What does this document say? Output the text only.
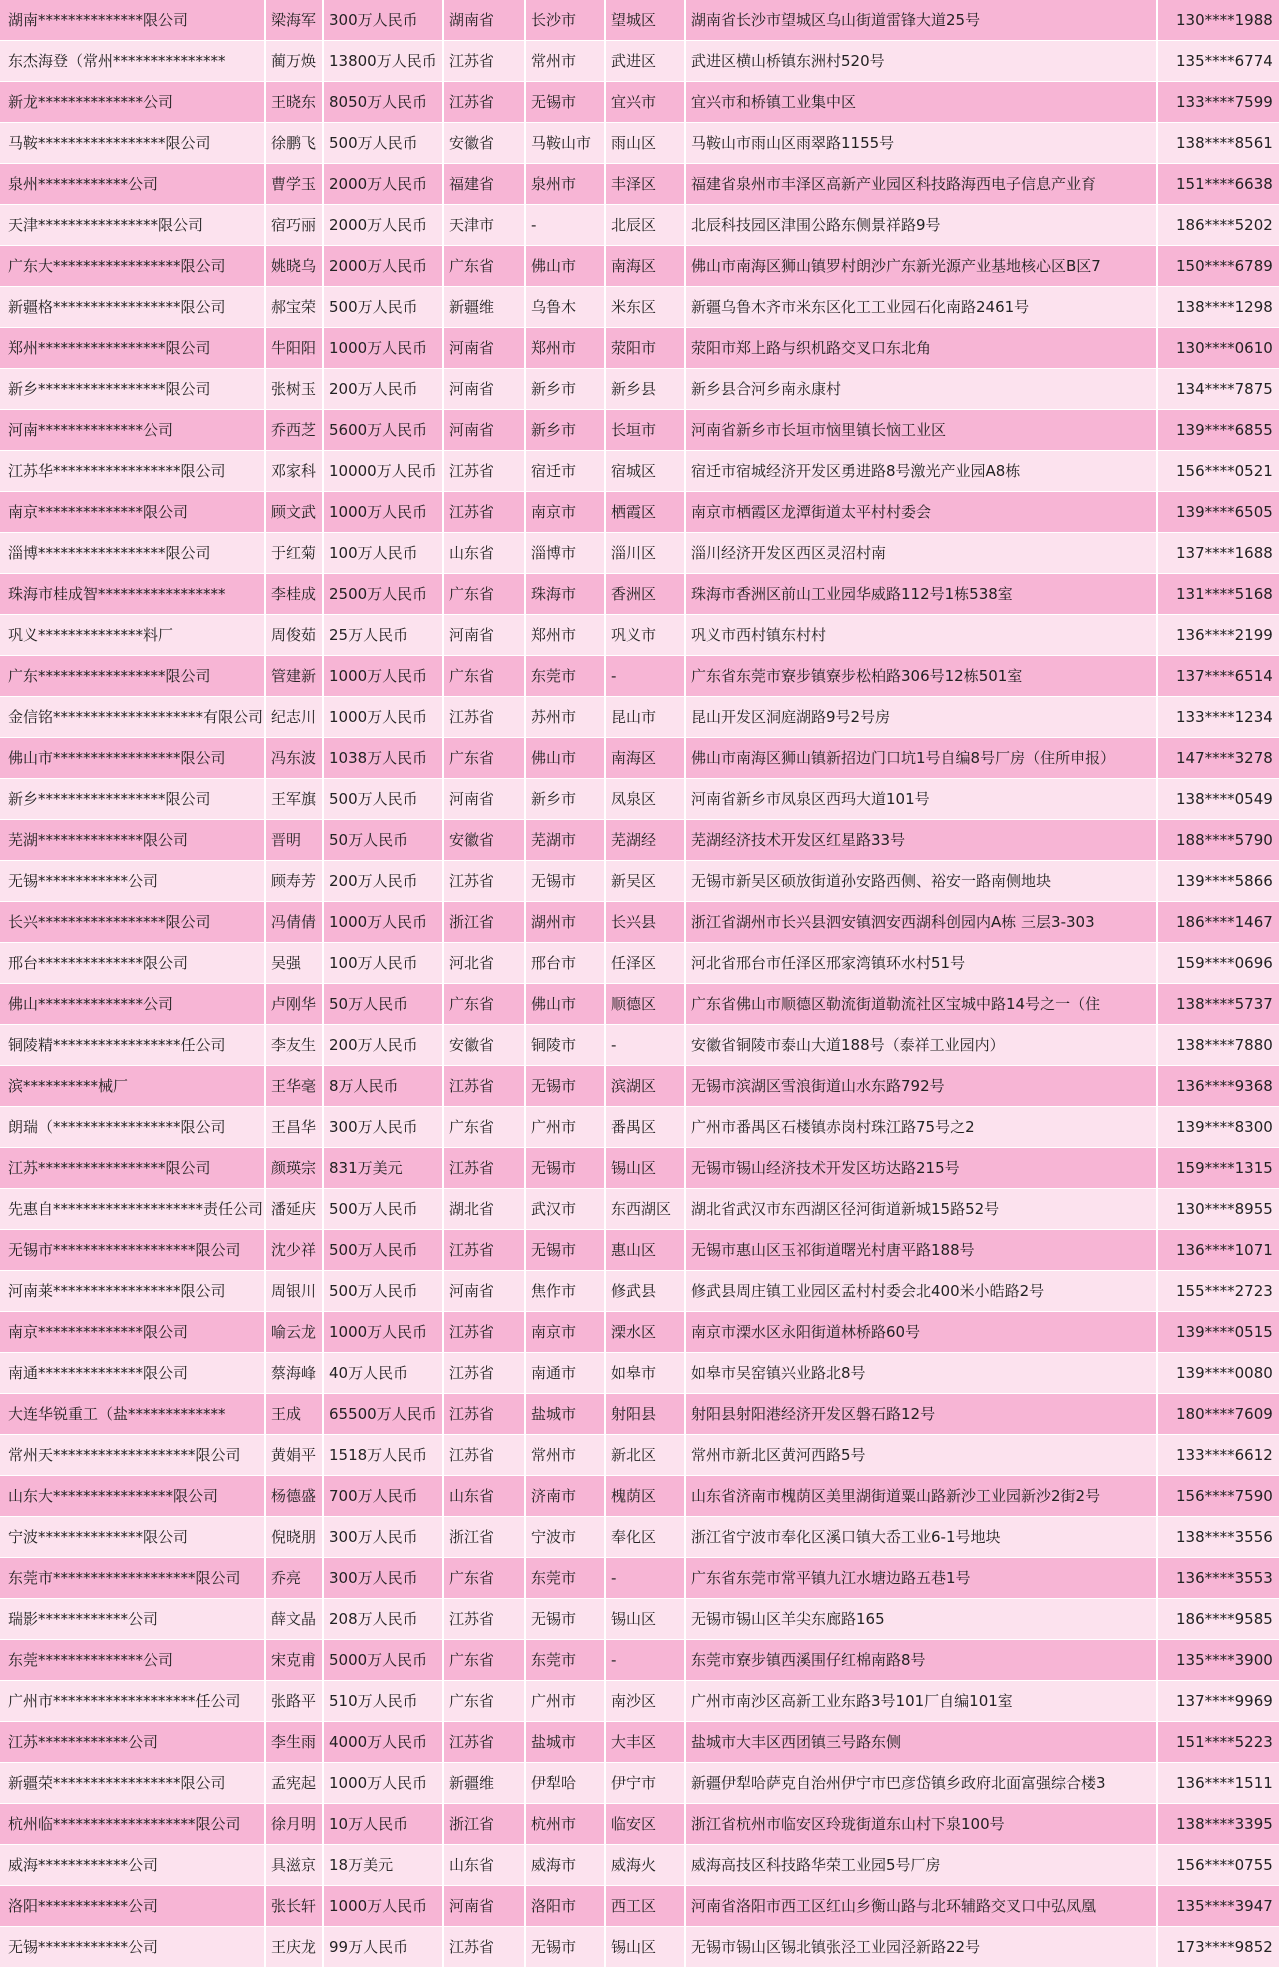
湖南**************限公司	梁海军	300万人民币	湖南省	长沙市	望城区	湖南省长沙市望城区乌山街道雷锋大道25号	130****1988
东杰海登（常州***************	蔺万焕	13800万人民币	江苏省	常州市	武进区	武进区横山桥镇东洲村520号	135****6774
新龙**************公司	王晓东	8050万人民币	江苏省	无锡市	宜兴市	宜兴市和桥镇工业集中区	133****7599
马鞍*****************限公司	徐鹏飞	500万人民币	安徽省	马鞍山市	雨山区	马鞍山市雨山区雨翠路1155号	138****8561
泉州************公司	曹学玉	2000万人民币	福建省	泉州市	丰泽区	福建省泉州市丰泽区高新产业园区科技路海西电子信息产业育	151****6638
天津****************限公司	宿巧丽	2000万人民币	天津市	-	北辰区	北辰科技园区津围公路东侧景祥路9号	186****5202
广东大*****************限公司	姚晓乌	2000万人民币	广东省	佛山市	南海区	佛山市南海区狮山镇罗村朗沙广东新光源产业基地核心区B区7	150****6789
新疆格*****************限公司	郝宝荣	500万人民币	新疆维	乌鲁木	米东区	新疆乌鲁木齐市米东区化工工业园石化南路2461号	138****1298
郑州*****************限公司	牛阳阳	1000万人民币	河南省	郑州市	荥阳市	荥阳市郑上路与织机路交叉口东北角	130****0610
新乡*****************限公司	张树玉	200万人民币	河南省	新乡市	新乡县	新乡县合河乡南永康村	134****7875
河南**************公司	乔西芝	5600万人民币	河南省	新乡市	长垣市	河南省新乡市长垣市恼里镇长恼工业区	139****6855
江苏华*****************限公司	邓家科	10000万人民币	江苏省	宿迁市	宿城区	宿迁市宿城经济开发区勇进路8号激光产业园A8栋	156****0521
南京**************限公司	顾文武	1000万人民币	江苏省	南京市	栖霞区	南京市栖霞区龙潭街道太平村村委会	139****6505
淄博*****************限公司	于红菊	100万人民币	山东省	淄博市	淄川区	淄川经济开发区西区灵沼村南	137****1688
珠海市桂成智*****************	李桂成	2500万人民币	广东省	珠海市	香洲区	珠海市香洲区前山工业园华威路112号1栋538室	131****5168
巩义**************料厂	周俊茹	25万人民币	河南省	郑州市	巩义市	巩义市西村镇东村村	136****2199
广东*****************限公司	管建新	1000万人民币	广东省	东莞市	-	广东省东莞市寮步镇寮步松柏路306号12栋501室	137****6514
金信铭********************有限公司	纪志川	1000万人民币	江苏省	苏州市	昆山市	昆山开发区洞庭湖路9号2号房	133****1234
佛山市*****************限公司	冯东波	1038万人民币	广东省	佛山市	南海区	佛山市南海区狮山镇新招边门口坑1号自编8号厂房（住所申报）	147****3278
新乡*****************限公司	王军旗	500万人民币	河南省	新乡市	凤泉区	河南省新乡市凤泉区西玛大道101号	138****0549
芜湖**************限公司	晋明	50万人民币	安徽省	芜湖市	芜湖经	芜湖经济技术开发区红星路33号	188****5790
无锡************公司	顾寿芳	200万人民币	江苏省	无锡市	新吴区	无锡市新吴区硕放街道孙安路西侧、裕安一路南侧地块	139****5866
长兴*****************限公司	冯倩倩	1000万人民币	浙江省	湖州市	长兴县	浙江省湖州市长兴县泗安镇泗安西湖科创园内A栋 三层3-303	186****1467
邢台**************限公司	吴强	100万人民币	河北省	邢台市	任泽区	河北省邢台市任泽区邢家湾镇环水村51号	159****0696
佛山**************公司	卢刚华	50万人民币	广东省	佛山市	顺德区	广东省佛山市顺德区勒流街道勒流社区宝城中路14号之一（住	138****5737
铜陵精*****************任公司	李友生	200万人民币	安徽省	铜陵市	-	安徽省铜陵市泰山大道188号（泰祥工业园内）	138****7880
滨**********械厂	王华毫	8万人民币	江苏省	无锡市	滨湖区	无锡市滨湖区雪浪街道山水东路792号	136****9368
朗瑞（*****************限公司	王昌华	300万人民币	广东省	广州市	番禺区	广州市番禺区石楼镇赤岗村珠江路75号之2	139****8300
江苏*****************限公司	颜瑛宗	831万美元	江苏省	无锡市	锡山区	无锡市锡山经济技术开发区坊达路215号	159****1315
先惠自********************责任公司	潘延庆	500万人民币	湖北省	武汉市	东西湖区	湖北省武汉市东西湖区径河街道新城15路52号	130****8955
无锡市*******************限公司	沈少祥	500万人民币	江苏省	无锡市	惠山区	无锡市惠山区玉祁街道曙光村唐平路188号	136****1071
河南莱*****************限公司	周银川	500万人民币	河南省	焦作市	修武县	修武县周庄镇工业园区孟村村委会北400米小皓路2号	155****2723
南京**************限公司	喻云龙	1000万人民币	江苏省	南京市	溧水区	南京市溧水区永阳街道林桥路60号	139****0515
南通**************限公司	蔡海峰	40万人民币	江苏省	南通市	如皋市	如皋市吴窑镇兴业路北8号	139****0080
大连华锐重工（盐*************	王成	65500万人民币	江苏省	盐城市	射阳县	射阳县射阳港经济开发区磐石路12号	180****7609
常州天*******************限公司	黄娟平	1518万人民币	江苏省	常州市	新北区	常州市新北区黄河西路5号	133****6612
山东大****************限公司	杨德盛	700万人民币	山东省	济南市	槐荫区	山东省济南市槐荫区美里湖街道粟山路新沙工业园新沙2街2号	156****7590
宁波**************限公司	倪晓朋	300万人民币	浙江省	宁波市	奉化区	浙江省宁波市奉化区溪口镇大岙工业6-1号地块	138****3556
东莞市*******************限公司	乔亮	300万人民币	广东省	东莞市	-	广东省东莞市常平镇九江水塘边路五巷1号	136****3553
瑞影************公司	薛文晶	208万人民币	江苏省	无锡市	锡山区	无锡市锡山区羊尖东廊路165	186****9585
东莞**************公司	宋克甫	5000万人民币	广东省	东莞市	-	东莞市寮步镇西溪围仔红棉南路8号	135****3900
广州市*******************任公司	张路平	510万人民币	广东省	广州市	南沙区	广州市南沙区高新工业东路3号101厂自编101室	137****9969
江苏************公司	李生雨	4000万人民币	江苏省	盐城市	大丰区	盐城市大丰区西团镇三号路东侧	151****5223
新疆荣*****************限公司	孟宪起	1000万人民币	新疆维	伊犁哈	伊宁市	新疆伊犁哈萨克自治州伊宁市巴彦岱镇乡政府北面富强综合楼3	136****1511
杭州临*******************限公司	徐月明	10万人民币	浙江省	杭州市	临安区	浙江省杭州市临安区玲珑街道东山村下泉100号	138****3395
威海************公司	具滋京	18万美元	山东省	威海市	威海火	威海高技区科技路华荣工业园5号厂房	156****0755
洛阳************公司	张长轩	1000万人民币	河南省	洛阳市	西工区	河南省洛阳市西工区红山乡衡山路与北环辅路交叉口中弘凤凰	135****3947
无锡************公司	王庆龙	99万人民币	江苏省	无锡市	锡山区	无锡市锡山区锡北镇张泾工业园泾新路22号	173****9852
